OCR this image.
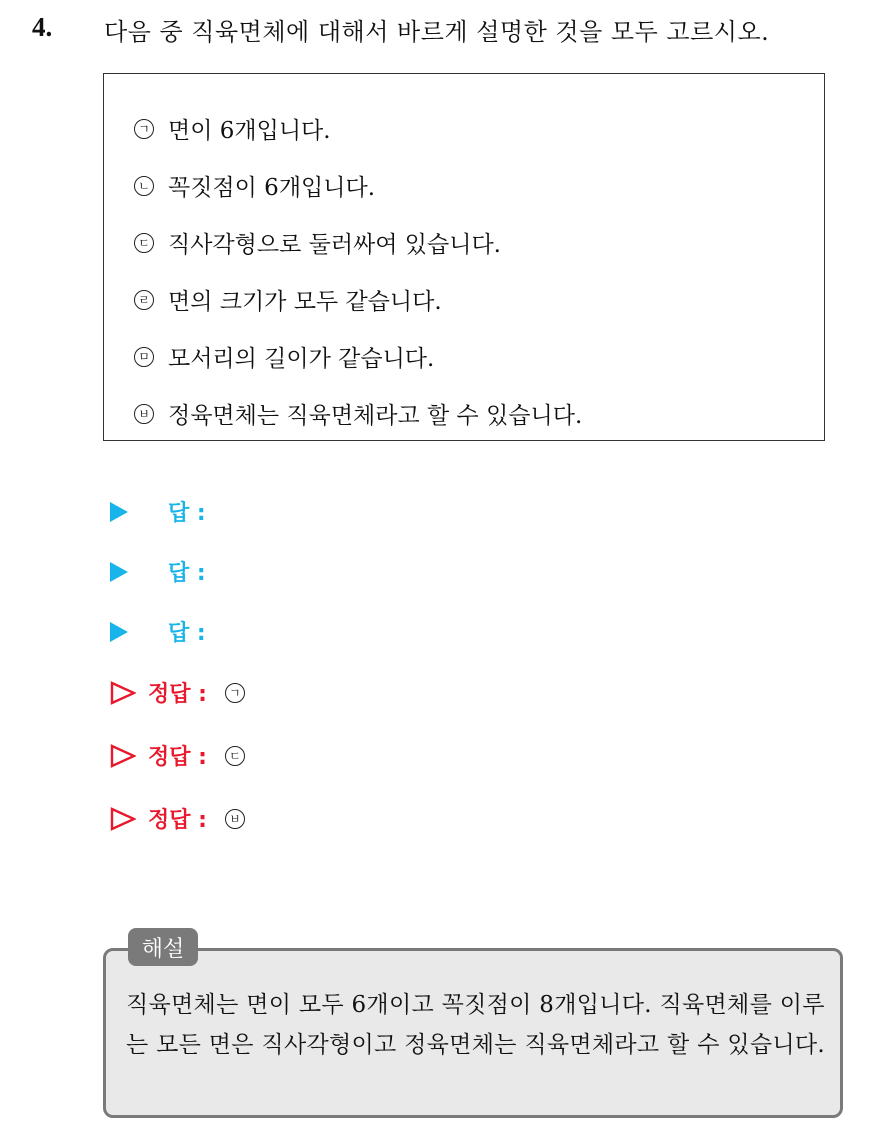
4. 다음 중 직육면체에 대해서 바르게 설명한 것을 모두 고르시오.
ㄱ 면이 6개입니다.
ㄴ 꼭짓점이 6개입니다.
ㄷ 직사각형으로 둘러싸여 있습니다.
ㄹ 면의 크기가 모두 같습니다.
ㅁ 모서리의 길이가 같습니다.
ㅂ 정육면체는 직육면체라고 할 수 있습니다.
답 :
답 :
답 :
정답 :	ㄱ
정답 :	ㄷ
정답 :	ㅂ
직육면체는 면이 모두 6개이고 꼭짓점이 8개입니다. 직육면체를 이루는 모든 면은 직사각형이고 정육면체는 직육면체라고 할 수 있습니다.
해설
